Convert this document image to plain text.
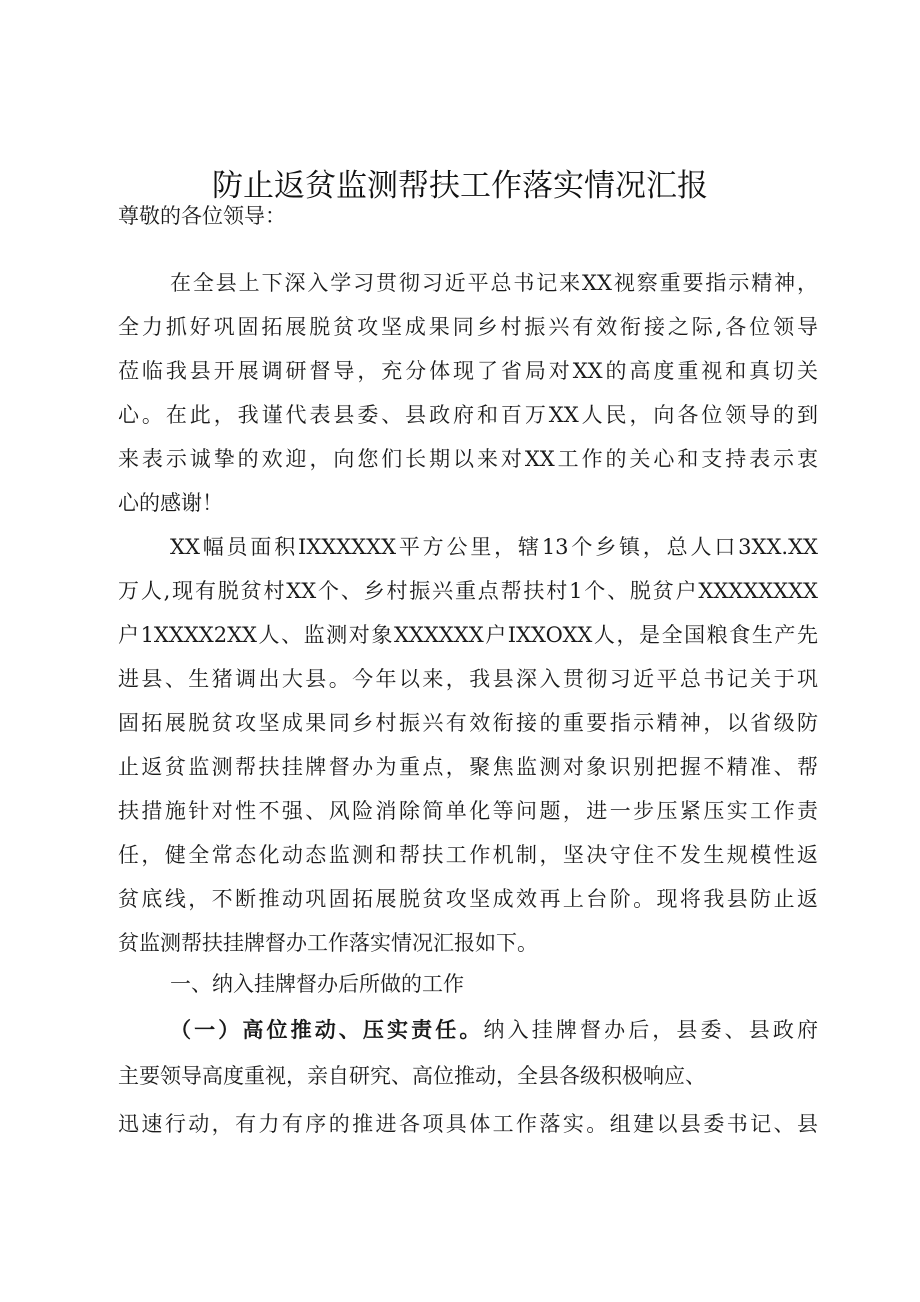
防止返贫监测帮扶工作落实情况汇报
尊敬的各位领导：
在全县上下深入学习贯彻习近平总书记来XX视察重要指示精神，
全力抓好巩固拓展脱贫攻坚成果同乡村振兴有效衔接之际,各位领导
莅临我县开展调研督导，充分体现了省局对XX的高度重视和真切关
心。在此，我谨代表县委、县政府和百万XX人民，向各位领导的到
来表示诚挚的欢迎，向您们长期以来对XX工作的关心和支持表示衷
心的感谢！
XX幅员面积IXXXXXX平方公里，辖13个乡镇，总人口3XX.XX
万人,现有脱贫村XX个、乡村振兴重点帮扶村1个、脱贫户XXXXXXXX
户1XXXX2XX人、监测对象XXXXXX户IXXOXX人，是全国粮食生产先
进县、生猪调出大县。今年以来，我县深入贯彻习近平总书记关于巩
固拓展脱贫攻坚成果同乡村振兴有效衔接的重要指示精神，以省级防
止返贫监测帮扶挂牌督办为重点，聚焦监测对象识别把握不精准、帮
扶措施针对性不强、风险消除简单化等问题，进一步压紧压实工作责
任，健全常态化动态监测和帮扶工作机制，坚决守住不发生规模性返
贫底线，不断推动巩固拓展脱贫攻坚成效再上台阶。现将我县防止返
贫监测帮扶挂牌督办工作落实情况汇报如下。
一、纳入挂牌督办后所做的工作
（一）高位推动、压实责任。纳入挂牌督办后，县委、县政府
主要领导高度重视，亲自研究、高位推动，全县各级积极响应、
迅速行动，有力有序的推进各项具体工作落实。组建以县委书记、县
